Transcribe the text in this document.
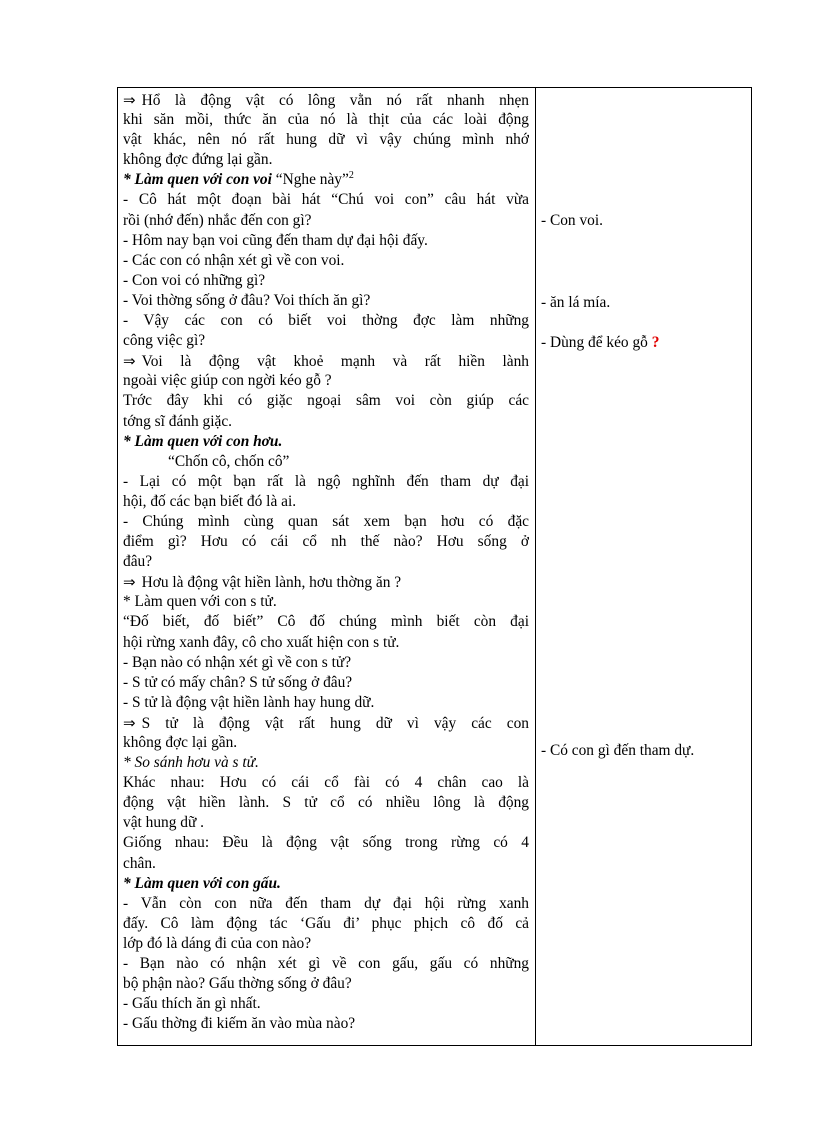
⇒ Hổ là động vật có lông vằn nó rất nhanh nhẹn
khi săn mồi, thức ăn của nó là thịt của các loài động
vật khác, nên nó rất hung dữ vì vậy chúng mình nhớ
không đợc đứng lại gần.
* Làm quen với con voi “Nghe này”$^2$
- Cô hát một đoạn bài hát “Chú voi con” câu hát vừa
rồi (nhớ đến) nhắc đến con gì?
- Hôm nay bạn voi cũng đến tham dự đại hội đấy.
- Các con có nhận xét gì về con voi.
- Con voi có những gì?
- Voi thờng sống ở đâu? Voi thích ăn gì?
- Vậy các con có biết voi thờng đợc làm những
công việc gì?
⇒ Voi là động vật khoẻ mạnh và rất hiền lành
ngoài việc giúp con ngời kéo gỗ ?
Trớc đây khi có giặc ngoại sâm voi còn giúp các
tớng sĩ đánh giặc.
* Làm quen với con hơu.
“Chốn cô, chốn cô”
- Lại có một bạn rất là ngộ nghĩnh đến tham dự đại
hội, đố các bạn biết đó là ai.
- Chúng mình cùng quan sát xem bạn hơu có đặc
điểm gì? Hơu có cái cổ nh thế nào? Hơu sống ở
đâu?
⇒ Hơu là động vật hiền lành, hơu thờng ăn ?
* Làm quen với con s tử.
“Đố biết, đố biết” Cô đố chúng mình biết còn đại
hội rừng xanh đây, cô cho xuất hiện con s tử.
- Bạn nào có nhận xét gì về con s tử?
- S tử có mấy chân? S tử sống ở đâu?
- S tử là động vật hiền lành hay hung dữ.
⇒ S tử là động vật rất hung dữ vì vậy các con
không đợc lại gần.
* So sánh hơu và s tử.
Khác nhau: Hơu có cái cổ fài có 4 chân cao là
động vật hiền lành. S tử cổ có nhiều lông là động
vật hung dữ .
Giống nhau: Đều là động vật sống trong rừng có 4
chân.
* Làm quen với con gấu.
- Vẫn còn con nữa đến tham dự đại hội rừng xanh
đấy. Cô làm động tác ‘Gấu đi’ phục phịch cô đố cả
lớp đó là dáng đi của con nào?
- Bạn nào có nhận xét gì về con gấu, gấu có những
bộ phận nào? Gấu thờng sống ở đâu?
- Gấu thích ăn gì nhất.
- Gấu thờng đi kiếm ăn vào mùa nào?
- Con voi.
- ăn lá mía.
- Dùng để kéo gỗ ?
- Có con gì đến tham dự.
